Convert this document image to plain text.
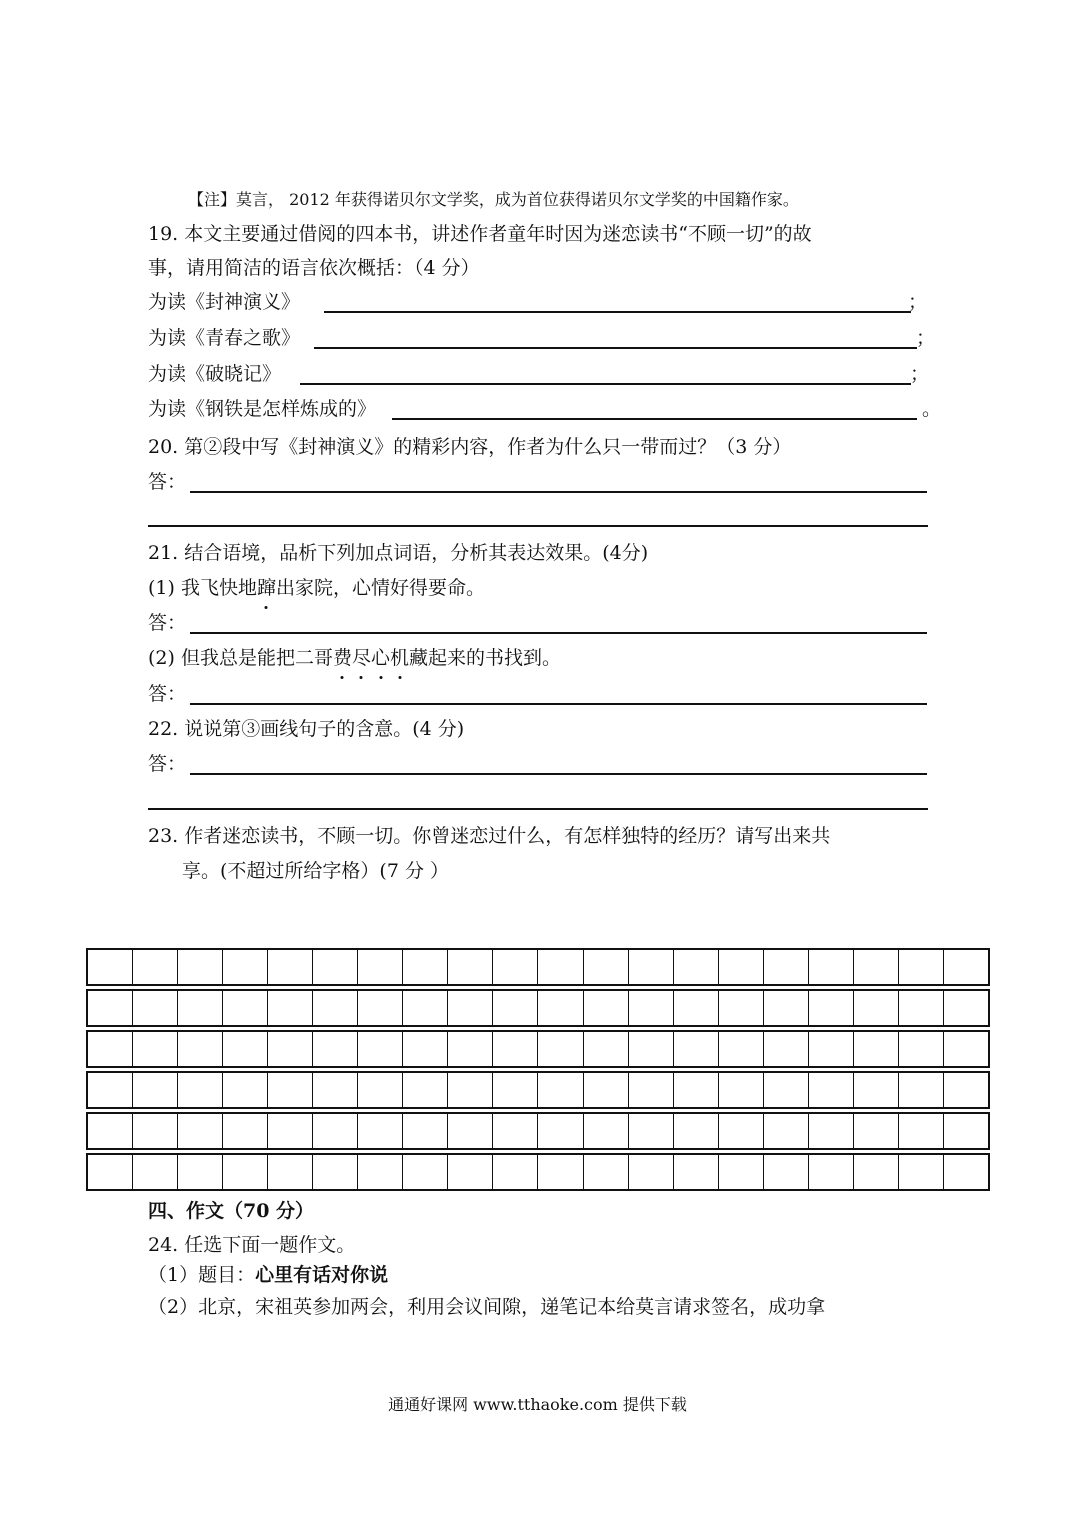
【注】莫言， 2012 年获得诺贝尔文学奖，成为首位获得诺贝尔文学奖的中国籍作家。
19. 本文主要通过借阅的四本书，讲述作者童年时因为迷恋读书“不顾一切”的故
事，请用简洁的语言依次概括：（4 分）
为读《封神演义》	；
为读《青春之歌》	；
为读《破晓记》	；
为读《钢铁是怎样炼成的》	。
20. 第②段中写《封神演义》的精彩内容，作者为什么只一带而过？（3 分）
答：
21. 结合语境，品析下列加点词语，分析其表达效果。(4分)
(1) 我飞快地蹿出家院，心情好得要命。
答：
(2) 但我总是能把二哥费尽心机藏起来的书找到。
答：
22. 说说第③画线句子的含意。(4 分)
答：
23. 作者迷恋读书，不顾一切。你曾迷恋过什么，有怎样独特的经历？请写出来共
享。(不超过所给字格）(7 分 ）
四、作文（70 分）
24. 任选下面一题作文。
（1）题目：心里有话对你说
（2）北京，宋祖英参加两会，利用会议间隙，递笔记本给莫言请求签名，成功拿
通通好课网 www.tthaoke.com 提供下载
